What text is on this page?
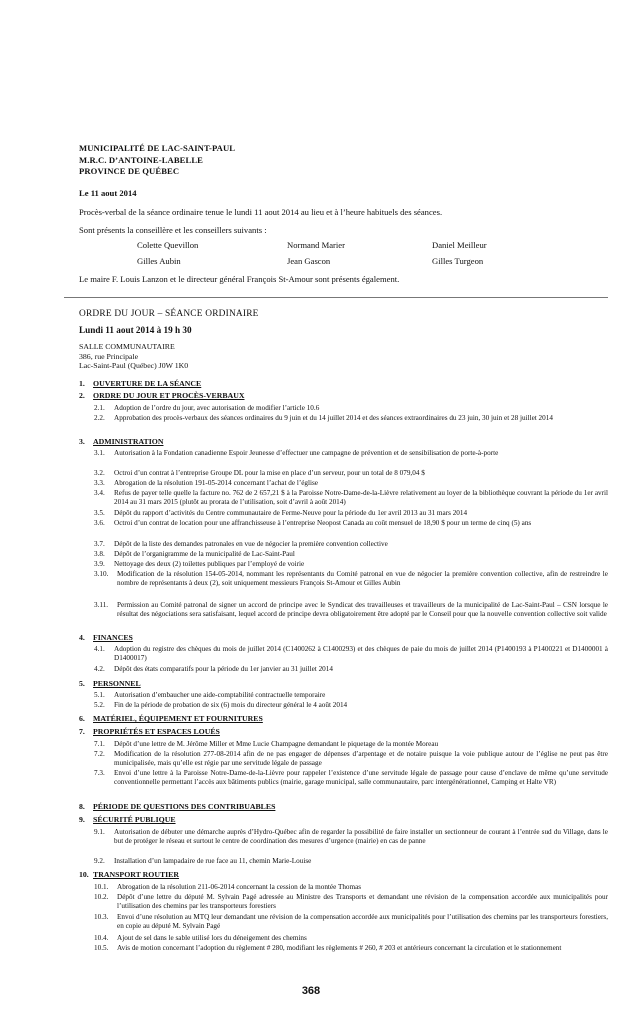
MUNICIPALITÉ DE LAC-SAINT-PAUL
M.R.C. D’ANTOINE-LABELLE
PROVINCE DE QUÉBEC
Le 11 aout 2014
Procès-verbal de la séance ordinaire tenue le lundi 11 aout 2014 au lieu et à l’heure habituels des séances.
Sont présents la conseillère et les conseillers suivants :
Colette Quevillon	Normand Marier	Daniel Meilleur
Gilles Aubin	Jean Gascon	Gilles Turgeon
Le maire F. Louis Lanzon et le directeur général François St-Amour sont présents également.
ORDRE DU JOUR – SÉANCE ORDINAIRE
Lundi 11 aout 2014 à 19 h 30
SALLE COMMUNAUTAIRE
386, rue Principale
Lac-Saint-Paul (Québec) J0W 1K0
1. OUVERTURE DE LA SÉANCE
2. ORDRE DU JOUR ET PROCÈS-VERBAUX
2.1. Adoption de l’ordre du jour, avec autorisation de modifier l’article 10.6
2.2. Approbation des procès-verbaux des séances ordinaires du 9 juin et du 14 juillet 2014 et des séances extraordinaires du 23 juin, 30 juin et 28 juillet 2014
3. ADMINISTRATION
3.1. Autorisation à la Fondation canadienne Espoir Jeunesse d’effectuer une campagne de prévention et de sensibilisation de porte-à-porte
3.2. Octroi d’un contrat à l’entreprise Groupe DL pour la mise en place d’un serveur, pour un total de 8 079,04 $
3.3. Abrogation de la résolution 191-05-2014 concernant l’achat de l’église
3.4. Refus de payer telle quelle la facture no. 762 de 2 657,21 $ à la Paroisse Notre-Dame-de-la-Lièvre relativement au loyer de la bibliothèque couvrant la période du 1er avril 2014 au 31 mars 2015 (plutôt au prorata de l’utilisation, soit d’avril à août 2014)
3.5. Dépôt du rapport d’activités du Centre communautaire de Ferme-Neuve pour la période du 1er avril 2013 au 31 mars 2014
3.6. Octroi d’un contrat de location pour une affranchisseuse à l’entreprise Neopost Canada au coût mensuel de 18,90 $ pour un terme de cinq (5) ans
3.7. Dépôt de la liste des demandes patronales en vue de négocier la première convention collective
3.8. Dépôt de l’organigramme de la municipalité de Lac-Saint-Paul
3.9. Nettoyage des deux (2) toilettes publiques par l’employé de voirie
3.10. Modification de la résolution 154-05-2014, nommant les représentants du Comité patronal en vue de négocier la première convention collective, afin de restreindre le nombre de représentants à deux (2), soit uniquement messieurs François St-Amour et Gilles Aubin
3.11. Permission au Comité patronal de signer un accord de principe avec le Syndicat des travailleuses et travailleurs de la municipalité de Lac-Saint-Paul – CSN lorsque le résultat des négociations sera satisfaisant, lequel accord de principe devra obligatoirement être adopté par le Conseil pour que la nouvelle convention collective soit valide
4. FINANCES
4.1. Adoption du registre des chèques du mois de juillet 2014 (C1400262 à C1400293) et des chèques de paie du mois de juillet 2014 (P1400193 à P1400221 et D1400001 à D1400017)
4.2. Dépôt des états comparatifs pour la période du 1er janvier au 31 juillet 2014
5. PERSONNEL
5.1. Autorisation d’embaucher une aide-comptabilité contractuelle temporaire
5.2. Fin de la période de probation de six (6) mois du directeur général le 4 août 2014
6. MATÉRIEL, ÉQUIPEMENT ET FOURNITURES
7. PROPRIÉTÉS ET ESPACES LOUÉS
7.1. Dépôt d’une lettre de M. Jérôme Miller et Mme Lucie Champagne demandant le piquetage de la montée Moreau
7.2. Modification de la résolution 277-08-2014 afin de ne pas engager de dépenses d’arpentage et de notaire puisque la voie publique autour de l’église ne peut pas être municipalisée, mais qu’elle est régie par une servitude légale de passage
7.3. Envoi d’une lettre à la Paroisse Notre-Dame-de-la-Lièvre pour rappeler l’existence d’une servitude légale de passage pour cause d’enclave de même qu’une servitude conventionnelle permettant l’accès aux bâtiments publics (mairie, garage municipal, salle communautaire, parc intergénérationnel, Camping et Halte VR)
8. PÉRIODE DE QUESTIONS DES CONTRIBUABLES
9. SÉCURITÉ PUBLIQUE
9.1. Autorisation de débuter une démarche auprès d’Hydro-Québec afin de regarder la possibilité de faire installer un sectionneur de courant à l’entrée sud du Village, dans le but de protéger le réseau et surtout le centre de coordination des mesures d’urgence (mairie) en cas de panne
9.2. Installation d’un lampadaire de rue face au 11, chemin Marie-Louise
10. TRANSPORT ROUTIER
10.1. Abrogation de la résolution 211-06-2014 concernant la cession de la montée Thomas
10.2. Dépôt d’une lettre du député M. Sylvain Pagé adressée au Ministre des Transports et demandant une révision de la compensation accordée aux municipalités pour l’utilisation des chemins par les transporteurs forestiers
10.3. Envoi d’une résolution au MTQ leur demandant une révision de la compensation accordée aux municipalités pour l’utilisation des chemins par les transporteurs forestiers, en copie au député M. Sylvain Pagé
10.4. Ajout de sel dans le sable utilisé lors du déneigement des chemins
10.5. Avis de motion concernant l’adoption du règlement # 280, modifiant les règlements # 260, # 203 et antérieurs concernant la circulation et le stationnement
368
